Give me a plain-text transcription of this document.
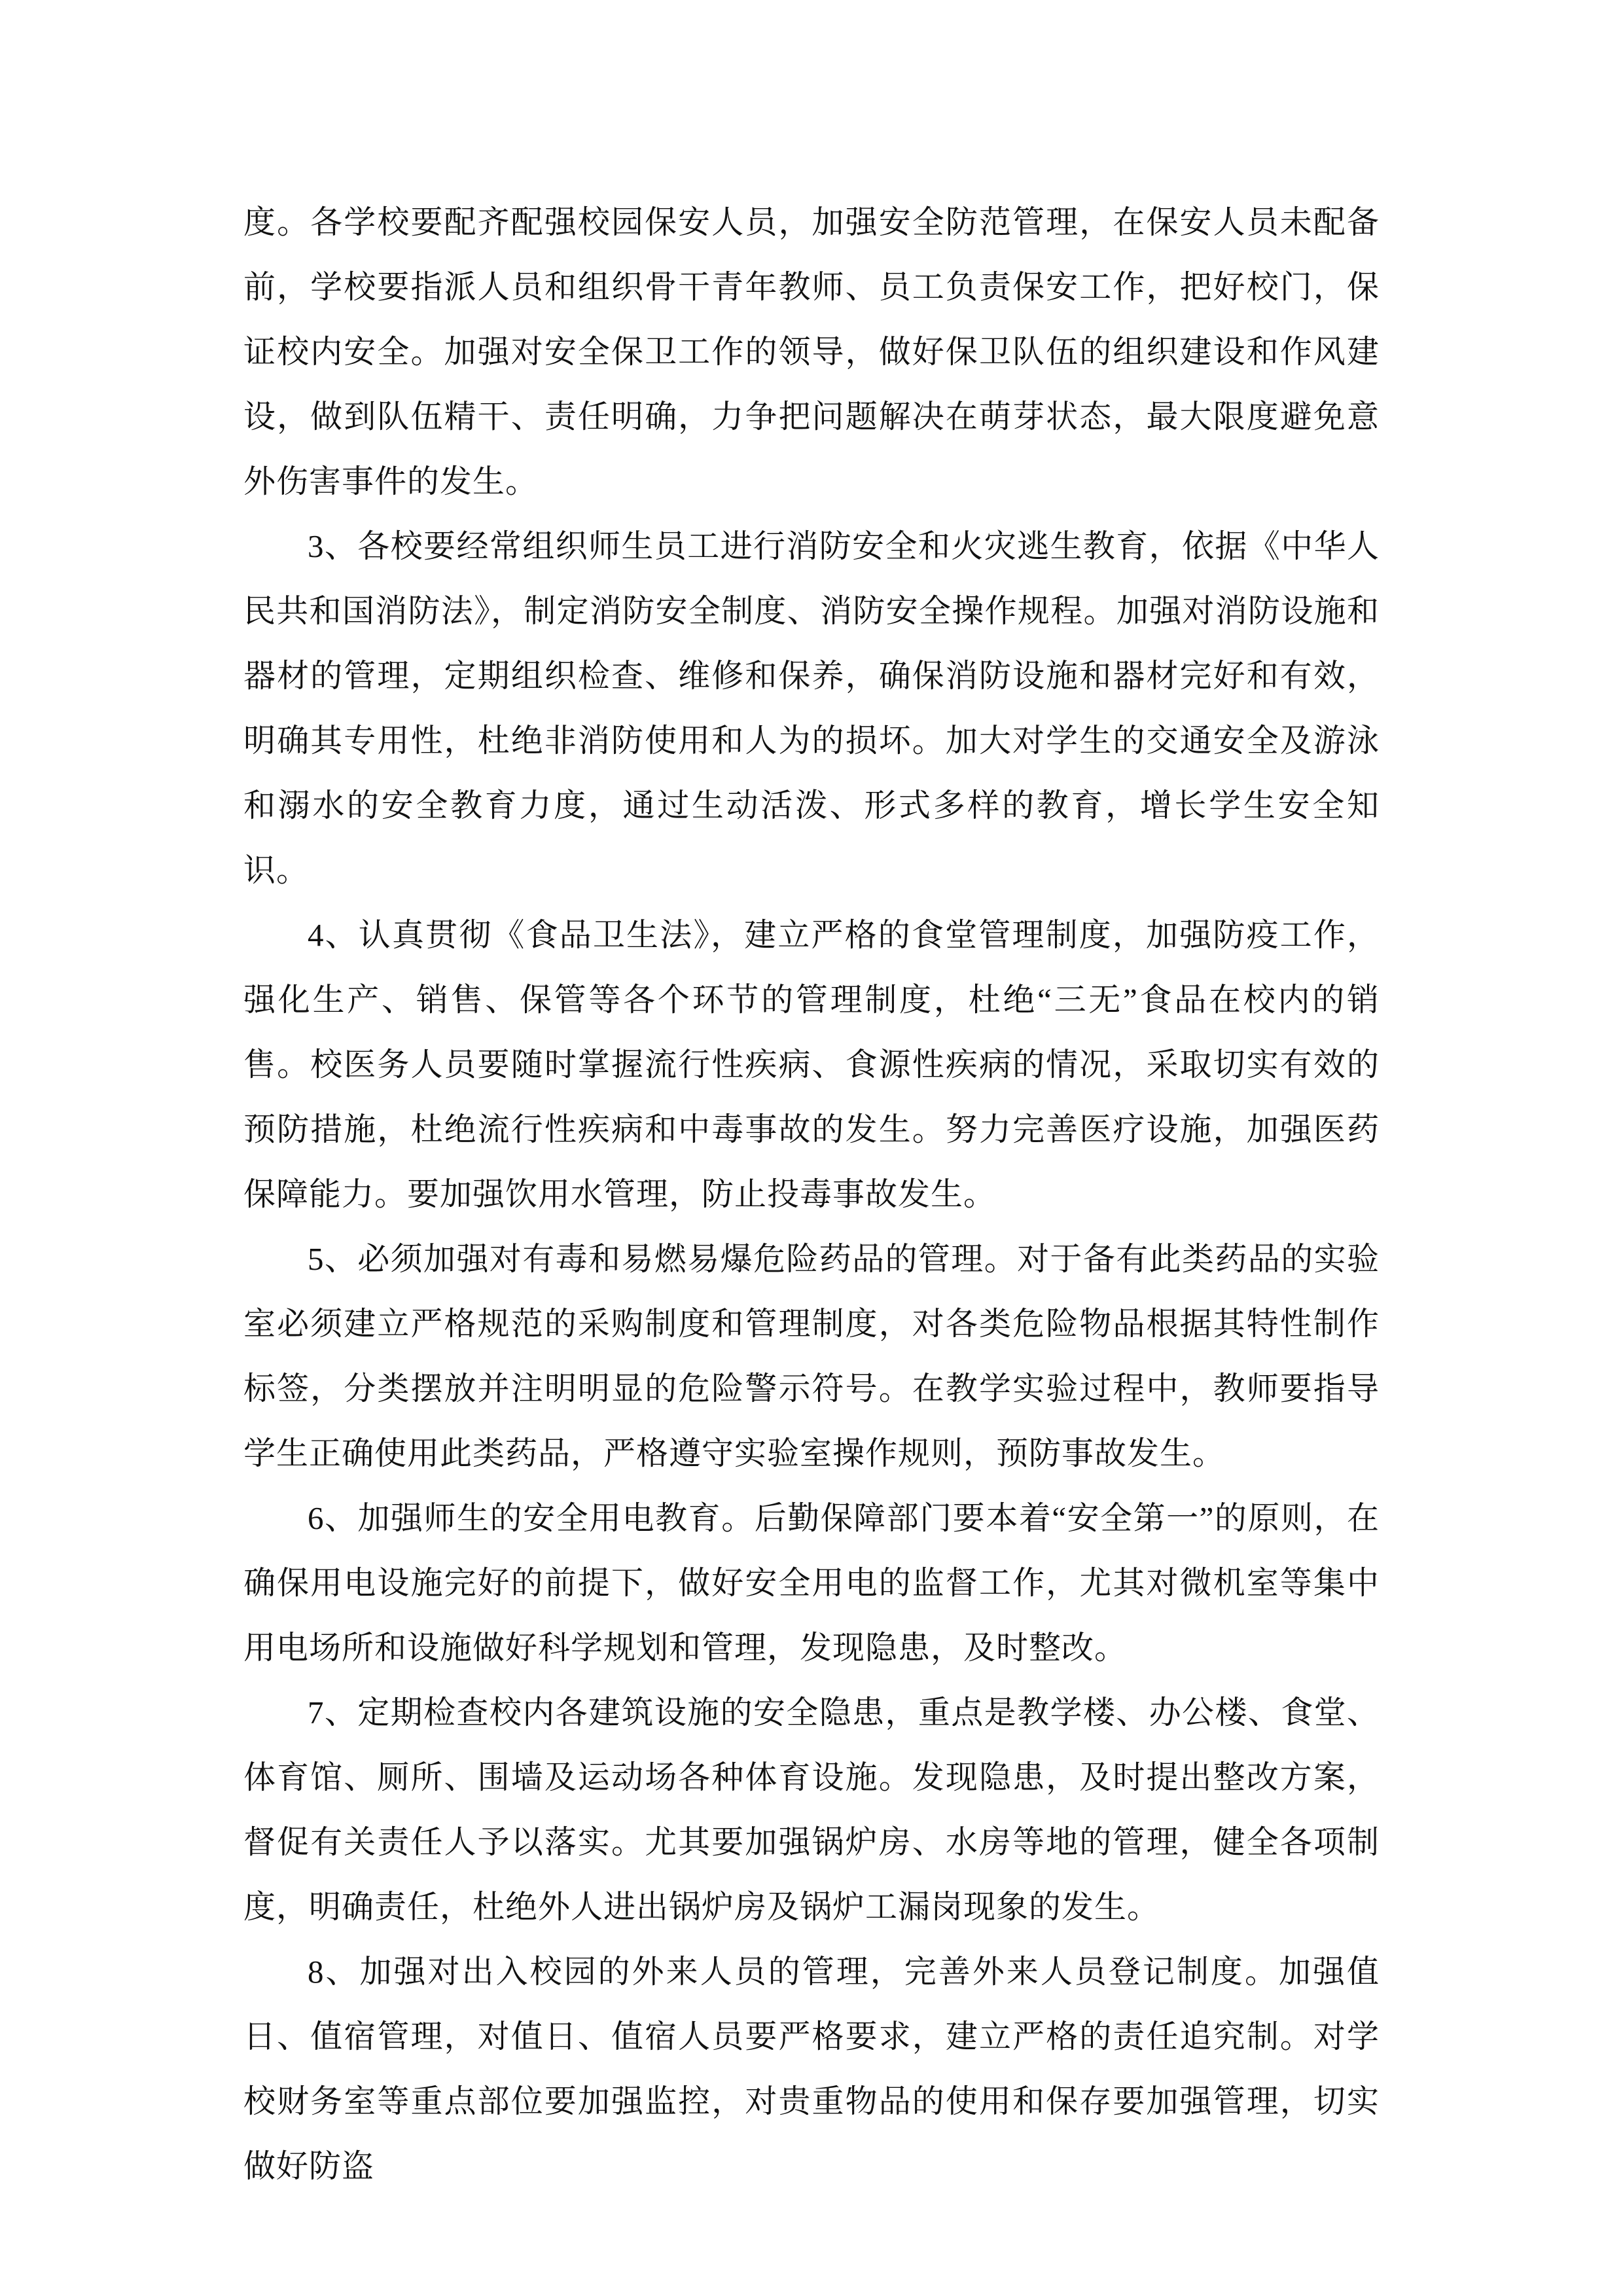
度。各学校要配齐配强校园保安人员，加强安全防范管理，在保安人员未配备前，学校要指派人员和组织骨干青年教师、员工负责保安工作，把好校门，保证校内安全。加强对安全保卫工作的领导，做好保卫队伍的组织建设和作风建设，做到队伍精干、责任明确，力争把问题解决在萌芽状态，最大限度避免意外伤害事件的发生。

3、各校要经常组织师生员工进行消防安全和火灾逃生教育，依据《中华人民共和国消防法》，制定消防安全制度、消防安全操作规程。加强对消防设施和器材的管理，定期组织检查、维修和保养，确保消防设施和器材完好和有效，明确其专用性，杜绝非消防使用和人为的损坏。加大对学生的交通安全及游泳和溺水的安全教育力度，通过生动活泼、形式多样的教育，增长学生安全知识。

4、认真贯彻《食品卫生法》，建立严格的食堂管理制度，加强防疫工作，强化生产、销售、保管等各个环节的管理制度，杜绝“三无”食品在校内的销售。校医务人员要随时掌握流行性疾病、食源性疾病的情况，采取切实有效的预防措施，杜绝流行性疾病和中毒事故的发生。努力完善医疗设施，加强医药保障能力。要加强饮用水管理，防止投毒事故发生。

5、必须加强对有毒和易燃易爆危险药品的管理。对于备有此类药品的实验室必须建立严格规范的采购制度和管理制度，对各类危险物品根据其特性制作标签，分类摆放并注明明显的危险警示符号。在教学实验过程中，教师要指导学生正确使用此类药品，严格遵守实验室操作规则，预防事故发生。

6、加强师生的安全用电教育。后勤保障部门要本着“安全第一”的原则，在确保用电设施完好的前提下，做好安全用电的监督工作，尤其对微机室等集中用电场所和设施做好科学规划和管理，发现隐患，及时整改。

7、定期检查校内各建筑设施的安全隐患，重点是教学楼、办公楼、食堂、体育馆、厕所、围墙及运动场各种体育设施。发现隐患，及时提出整改方案，督促有关责任人予以落实。尤其要加强锅炉房、水房等地的管理，健全各项制度，明确责任，杜绝外人进出锅炉房及锅炉工漏岗现象的发生。

8、加强对出入校园的外来人员的管理，完善外来人员登记制度。加强值日、值宿管理，对值日、值宿人员要严格要求，建立严格的责任追究制。对学校财务室等重点部位要加强监控，对贵重物品的使用和保存要加强管理，切实做好防盗
